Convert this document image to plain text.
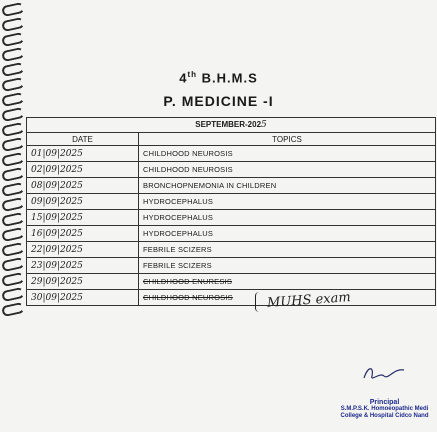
4th B.H.M.S
P. MEDICINE -I
SEPTEMBER-2025	
DATE	TOPICS
01|09|2025	CHILDHOOD NEUROSIS
02|09|2025	CHILDHOOD NEUROSIS
08|09|2025	BRONCHOPNEMONIA IN CHILDREN
09|09|2025	HYDROCEPHALUS
15|09|2025	HYDROCEPHALUS
16|09|2025	HYDROCEPHALUS
22|09|2025	FEBRILE SCIZERS
23|09|2025	FEBRILE SCIZERS
29|09|2025	CHILDHOOD ENURESIS
30|09|2025	CHILDHOOD NEUROSIS	MUHS exam
Principal
S.M.P.S.K. Homoeopathic Medi
College & Hospital Cidco Nand
